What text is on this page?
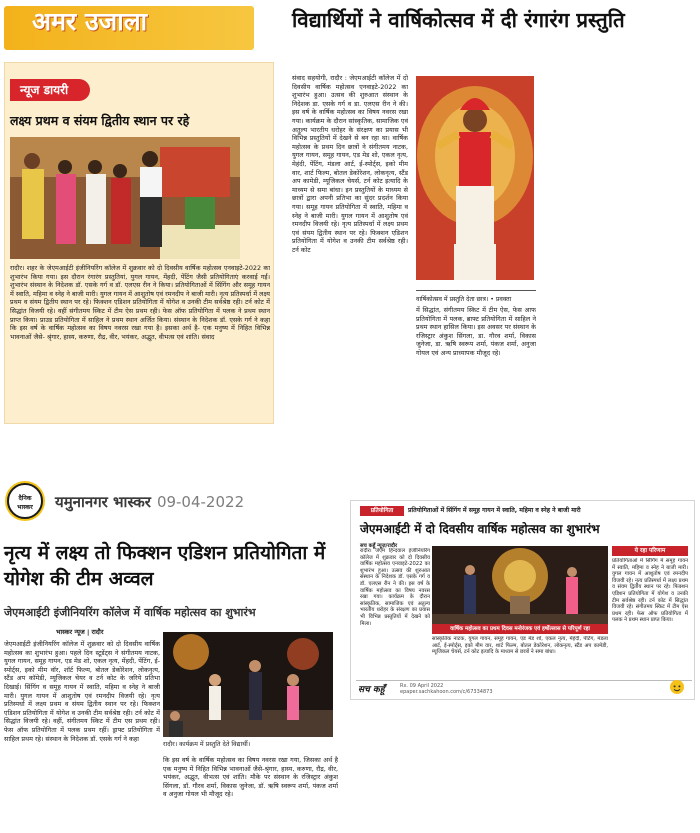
अमर उजाला
न्यूज डायरी
लक्ष्य प्रथम व संयम द्वितीय स्थान पर रहे
रादौर। शहर के जेएमआईटी इंजीनियरिंग कॉलेज में शुक्रवार को दो दिवसीय वार्षिक महोत्सव एनवाइटे-2022 का शुभारंभ किया गया। इस दौरान रंगारंग प्रस्तुतियां, युगल गायन, मेंहदी, पेंटिंग जैसी प्रतियोगिताएं करवाई गईं। शुभारंभ संस्थान के निदेशक डॉ. एसके गर्ग व डॉ. एलएस रीन ने किया। प्रतियोगिताओं में सिंगिंग और समूह गायन में स्वाति, महिमा व स्नेह ने बाजी मारी। युगल गायन में आशुतोष एवं रमनदीप ने बाजी मारी। नृत्य प्रतिस्पर्धा में लक्ष्य प्रथम व संयम द्वितीय स्थान पर रहे। फिक्शन एडिशन प्रतियोगिता में योगेश व उनकी टीम सर्वश्रेष्ठ रही। टर्न कोट में सिद्धांत विजयी रहे। वहीं संगीतमय स्किट में टीम ऐस प्रथम रही। फेस ऑफ प्रतियोगिता में पलक ने प्रथम स्थान प्राप्त किया। प्राउड प्रतियोगिता में साहिल ने प्रथम स्थान अर्जित किया। संस्थान के निदेशक डॉ. एसके गर्ग ने कहा कि इस वर्ष के वार्षिक महोत्सव का विषय नवरस रखा गया है। इसका अर्थ है- एक मनुष्य में निहित विभिन्न भावनाओं जैसे- श्रृंगार, हास्य, करुणा, रौद्र, वीर, भयंकर, अद्भुत, वीभत्स एवं शांति। संवाद
विद्यार्थियों ने वार्षिकोत्सव में दी रंगारंग प्रस्तुति
संवाद सहयोगी, रादौर : जेएमआईटी कॉलेज में दो दिवसीय वार्षिक महोत्सव एनवाइटे-2022 का शुभारंभ हुआ। उत्सव की शुरुआत संस्थान के निदेशक डा. एसके गर्ग व डा. एलएस रीन ने की। इस वर्ष के वार्षिक महोत्सव का विषय नवरस रखा गया। कार्यक्रम के दौरान सांस्कृतिक, सामाजिक एवं अतुल्य भारतीय धरोहर के संरक्षण का प्रयास भी विभिन्न प्रस्तुतियों में देखने से बन रहा था। वार्षिक महोत्सव के प्रथम दिन छात्रों ने संगीतमय नाटक, युगल गायन, समूह गायन, एड मेड शो, एकल नृत्य, मेहंदी, पेंटिंग, मंडला आर्ट, ई-स्पोर्ट्स, इको मीम वार, शार्ट फिल्म, बोतल डेकोरेशन, लोकनृत्य, स्टैंड अप कामेडी, म्यूजिकल चेयर्स, टर्न कोट इत्यादि के माध्यम से समा बांधा। इन प्रस्तुतियों के माध्यम से छात्रों द्वारा अपनी प्रतिभा का सुंदर प्रदर्शन किया गया। समूह गायन प्रतियोगिता में स्वाति, महिमा व स्नेह ने बाजी मारी। युगल गायन में आशुतोष एवं रमनदीप विजयी रहे। नृत्य प्रतिस्पर्धा में लक्ष्य प्रथम एवं संयम द्वितीय स्थान पर रहे। फिक्शन एडिशन प्रतियोगिता में योगेश व उनकी टीम सर्वश्रेष्ठ रही। टर्न कोट
वार्षिकोत्सव में प्रस्तुति देता छात्र। • प्रवक्ता
में सिद्धांत, संगीतमय स्किट में टीम ऐस, फेस आफ प्रतियोगिता में पलक, ब्राफ्ट प्रतियोगिता में साहिल ने प्रथम स्थान हासिल किया। इस अवसर पर संस्थान के रजिस्ट्रार अंकुश सिंगला, डा. गौरव शर्मा, विकास जुनेजा, डा. ऋषि स्वरूप शर्मा, पंकज शर्मा, अनुजा गोयल एवं अन्य प्राध्यापक मौजूद रहे।
दैनिक
भास्कर	यमुनानगर भास्कर 09-04-2022
नृत्य में लक्ष्य तो फिक्शन एडिशन प्रतियोगिता में योगेश की टीम अव्वल
जेएमआईटी इंजीनियरिंग कॉलेज में वार्षिक महोत्सव का शुभारंभ
भास्कर न्यूज | रादौर
जेएमआईटी इंजीनियरिंग कॉलेज में शुक्रवार को दो दिवसीय वार्षिक महोत्सव का शुभारंभ हुआ। पहले दिन स्टूडेंट्स ने संगीतमय नाटक, युगल गायन, समूह गायन, एड मेड शो, एकल नृत्य, मेंहदी, पेंटिंग, ई-स्पोर्ट्स, इको मीम वॉर, शॉर्ट फिल्म, बोतल डेकोरेशन, लोकनृत्य, स्टैंड अप कॉमेडी, म्यूजिकल चेयर व टर्न कोट के जरिये प्रतिभा दिखाई। सिंगिंग व समूह गायन में स्वाति, महिमा व स्नेह ने बाजी मारी। युगल गायन में आशुतोष एवं रमनदीप विजयी रहे। नृत्य प्रतिस्पर्धा में लक्ष्य प्रथम व संयम द्वितीय स्थान पर रहे। फिक्शन एडिशन प्रतियोगिता में योगेश व उनकी टीम सर्वश्रेष्ठ रही। टर्न कोट में सिद्धांत विजयी रहे। वहीं, संगीतमय स्किट में टीम एस प्रथम रही। फेस ऑफ प्रतियोगिता में पलक प्रथम रहीं। ड्राफ्ट प्रतियोगिता में साहिल प्रथम रहे। संस्थान के निदेशक डॉ. एसके गर्ग ने कहा
रादौर। कार्यक्रम में प्रस्तुति देते विद्यार्थी।
कि इस वर्ष के वार्षिक महोत्सव का विषय नवरस रखा गया, जिसका अर्थ है एक मनुष्य में निहित विभिन्न भावनाओं जैसे-श्रृंगार, हास्य, करुणा, रौद्र, वीर, भयंकर, अद्भुत, वीभत्स एवं शांति। मौके पर संस्थान के रजिस्ट्रार अंकुश सिंगला, डॉ. गौरव शर्मा, विकास जुनेजा, डॉ. ऋषि स्वरूप शर्मा, पंकज शर्मा व अनुजा गोयल भी मौजूद रहे।
प्रतियोगिता	प्रतियोगिताओं में सिंगिंग में समूह गायन में स्वाति, महिमा व स्नेह ने बाजी मारी
जेएमआईटी में दो दिवसीय वार्षिक महोत्सव का शुभारंभ
सच कहूँ न्यूज़/रादौर
रादौर। जेएम हिन्दवाल इंजीनियरिंग कॉलेज में शुक्रवार को दो दिवसीय वार्षिक महोत्सव एनवाइटे-2022 का शुभारंभ हुआ। उत्सव की शुरुआत संस्थान के निदेशक डॉ. एसके गर्ग व डॉ. एलएस रीन ने की। इस वर्ष के वार्षिक महोत्सव का विषय नवरस रखा गया। कार्यक्रम के दौरान सांस्कृतिक, सामाजिक एवं अतुल्य भारतीय धरोहर के संरक्षण का प्रयास भी विभिन्न प्रस्तुतियों में देखने को मिला।
वार्षिक महोत्सव का प्रथम दिवस मनोरंजक एवं हर्षोल्लास से परिपूर्ण रहा
सांस्कृतिक नाटक, युगल गायन, समूह गायन, एड मेड शो, एकल नृत्य, मेहंदी, पेंटिंग, मंडला आर्ट, ई-स्पोर्ट्स, इको मीम वार, शार्ट फिल्म, बोतल डेकोरेशन, लोकनृत्य, स्टैंड अप कामेडी, म्यूजिकल चेयर्स, टर्न कोट इत्यादि के माध्यम से छात्रों ने समा बांधा।
ये रहा परिणाम
प्रतियोगिताओं में सिंगिंग में समूह गायन में स्वाति, महिमा व स्नेह ने बाजी मारी। युगल गायन में आशुतोष एवं रमनदीप विजयी रहे। नृत्य प्रतिस्पर्धा में लक्ष्य प्रथम व संयम द्वितीय स्थान पर रहे। फिक्शन एडिशन प्रतियोगिता में योगेश व उनकी टीम सर्वश्रेष्ठ रही। टर्न कोट में सिद्धांत विजयी रहे। संगीतमय स्किट में टीम ऐस प्रथम रही। फेस ऑफ प्रतियोगिता में पलक ने प्रथम स्थान प्राप्त किया।
सच कहूँ	Rx. 09 April 2022
epaper.sachkahoon.com/c/67334873
